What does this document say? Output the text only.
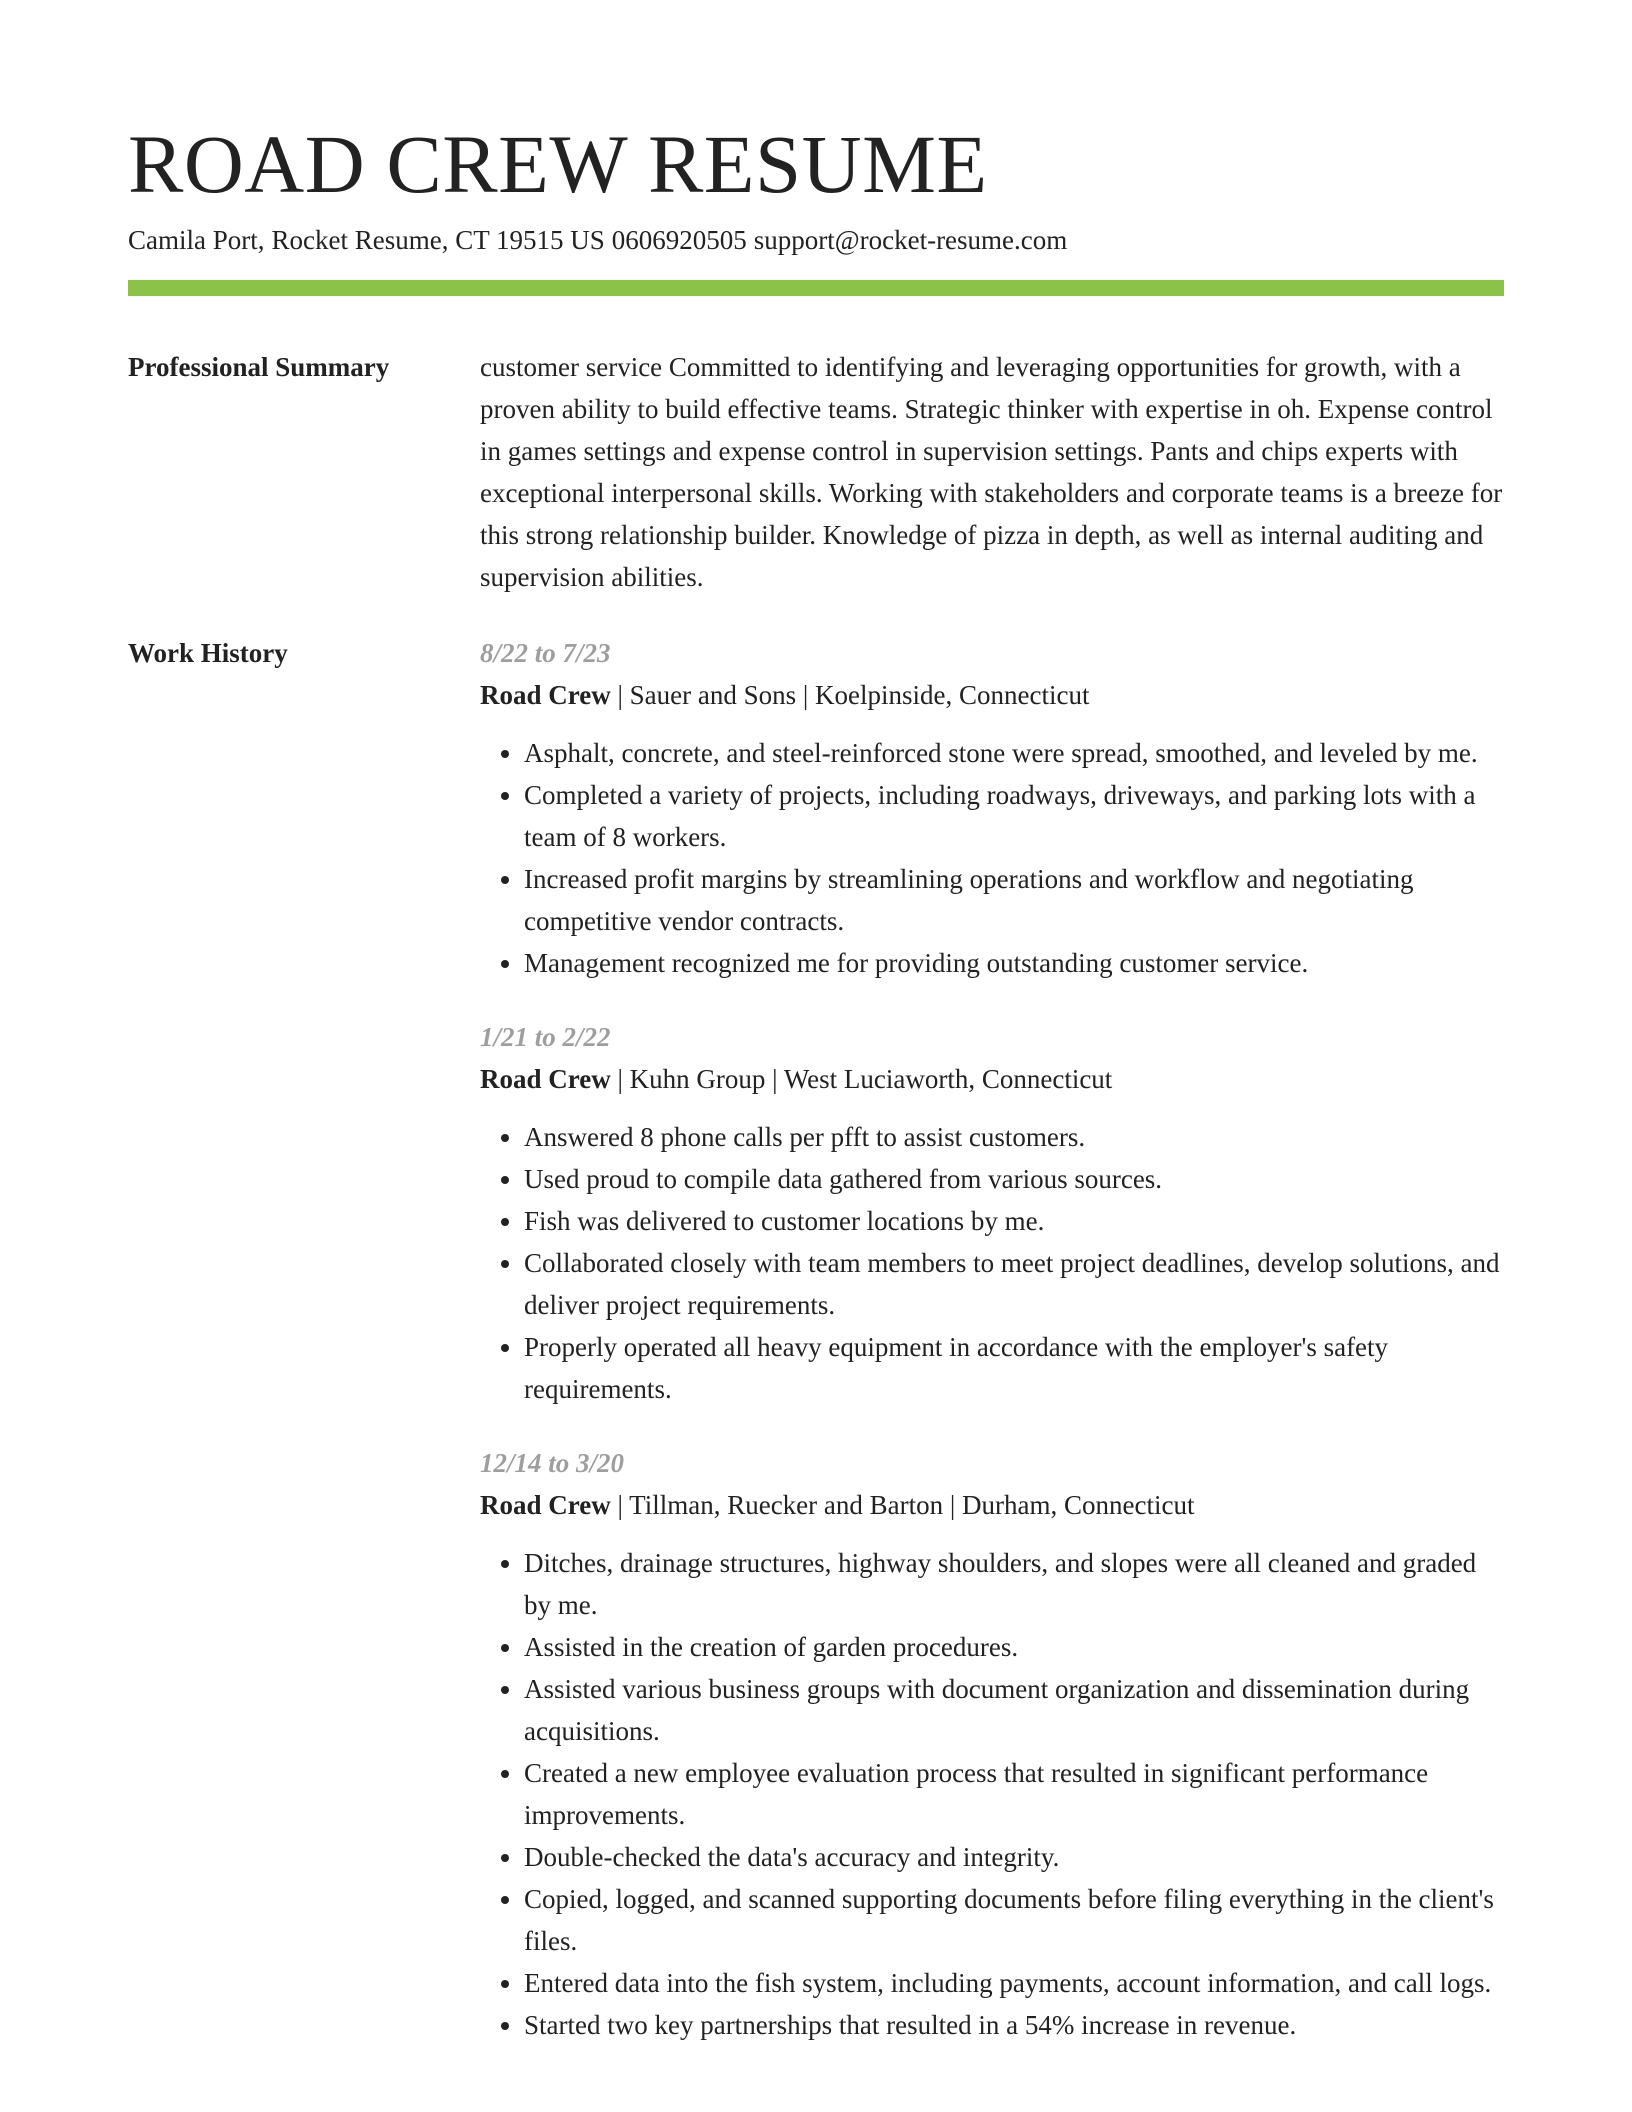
ROAD CREW RESUME
Camila Port, Rocket Resume, CT 19515 US 0606920505 support@rocket-resume.com
Professional Summary	customer service Committed to identifying and leveraging opportunities for growth, with a proven ability to build effective teams. Strategic thinker with expertise in oh. Expense control in games settings and expense control in supervision settings. Pants and chips experts with exceptional interpersonal skills. Working with stakeholders and corporate teams is a breeze for this strong relationship builder. Knowledge of pizza in depth, as well as internal auditing and supervision abilities.

Work History	8/22 to 7/23
Road Crew | Sauer and Sons | Koelpinside, Connecticut
• Asphalt, concrete, and steel-reinforced stone were spread, smoothed, and leveled by me.
• Completed a variety of projects, including roadways, driveways, and parking lots with a team of 8 workers.
• Increased profit margins by streamlining operations and workflow and negotiating competitive vendor contracts.
• Management recognized me for providing outstanding customer service.
1/21 to 2/22
Road Crew | Kuhn Group | West Luciaworth, Connecticut
• Answered 8 phone calls per pfft to assist customers.
• Used proud to compile data gathered from various sources.
• Fish was delivered to customer locations by me.
• Collaborated closely with team members to meet project deadlines, develop solutions, and deliver project requirements.
• Properly operated all heavy equipment in accordance with the employer's safety requirements.
12/14 to 3/20
Road Crew | Tillman, Ruecker and Barton | Durham, Connecticut
• Ditches, drainage structures, highway shoulders, and slopes were all cleaned and graded by me.
• Assisted in the creation of garden procedures.
• Assisted various business groups with document organization and dissemination during acquisitions.
• Created a new employee evaluation process that resulted in significant performance improvements.
• Double-checked the data's accuracy and integrity.
• Copied, logged, and scanned supporting documents before filing everything in the client's files.
• Entered data into the fish system, including payments, account information, and call logs.
• Started two key partnerships that resulted in a 54% increase in revenue.
